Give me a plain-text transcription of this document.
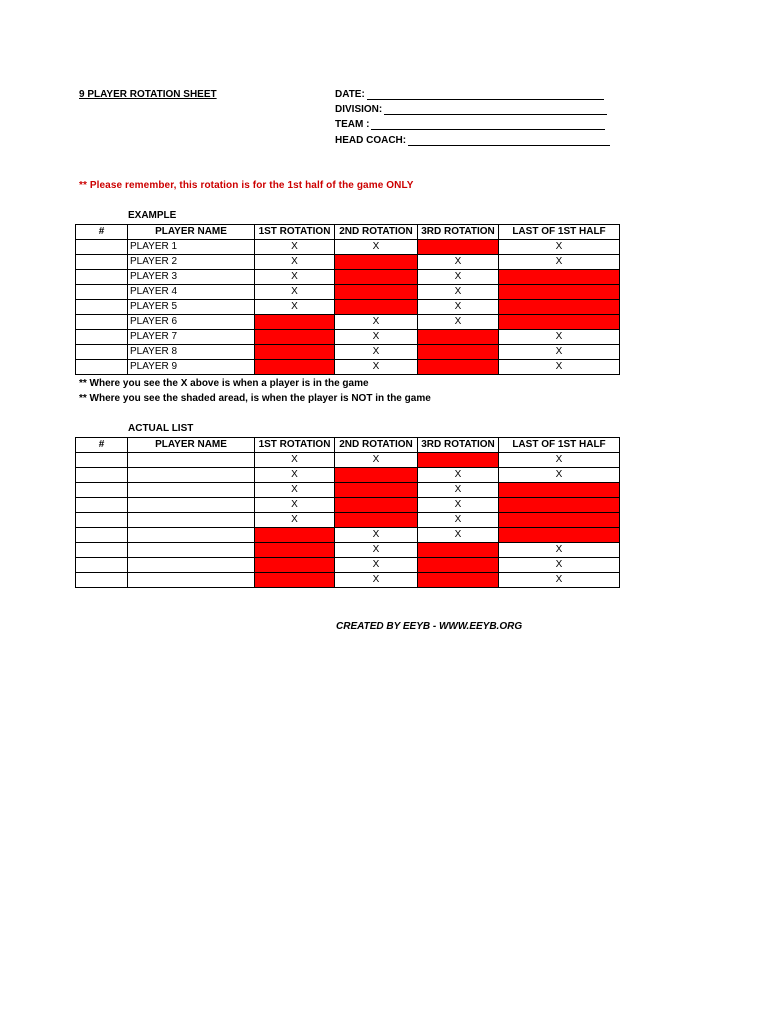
9 PLAYER ROTATION SHEET	DATE:
DIVISION:
TEAM :
HEAD COACH:
** Please remember, this rotation is for the 1st half of the game ONLY
EXAMPLE
#	PLAYER NAME	1ST ROTATION	2ND ROTATION	3RD ROTATION	LAST OF 1ST HALF
	PLAYER 1	X	X		X
	PLAYER 2	X		X	X
	PLAYER 3	X		X	
	PLAYER 4	X		X	
	PLAYER 5	X		X	
	PLAYER 6		X	X	
	PLAYER 7		X		X
	PLAYER 8		X		X
	PLAYER 9		X		X
** Where you see the X above is when a player is in the game
** Where you see the shaded aread, is when the player is NOT in the game
ACTUAL LIST
#	PLAYER NAME	1ST ROTATION	2ND ROTATION	3RD ROTATION	LAST OF 1ST HALF
		X	X		X
		X		X	X
		X		X	
		X		X	
		X		X	
			X	X	
			X		X
			X		X
			X		X
CREATED BY EEYB - WWW.EEYB.ORG
